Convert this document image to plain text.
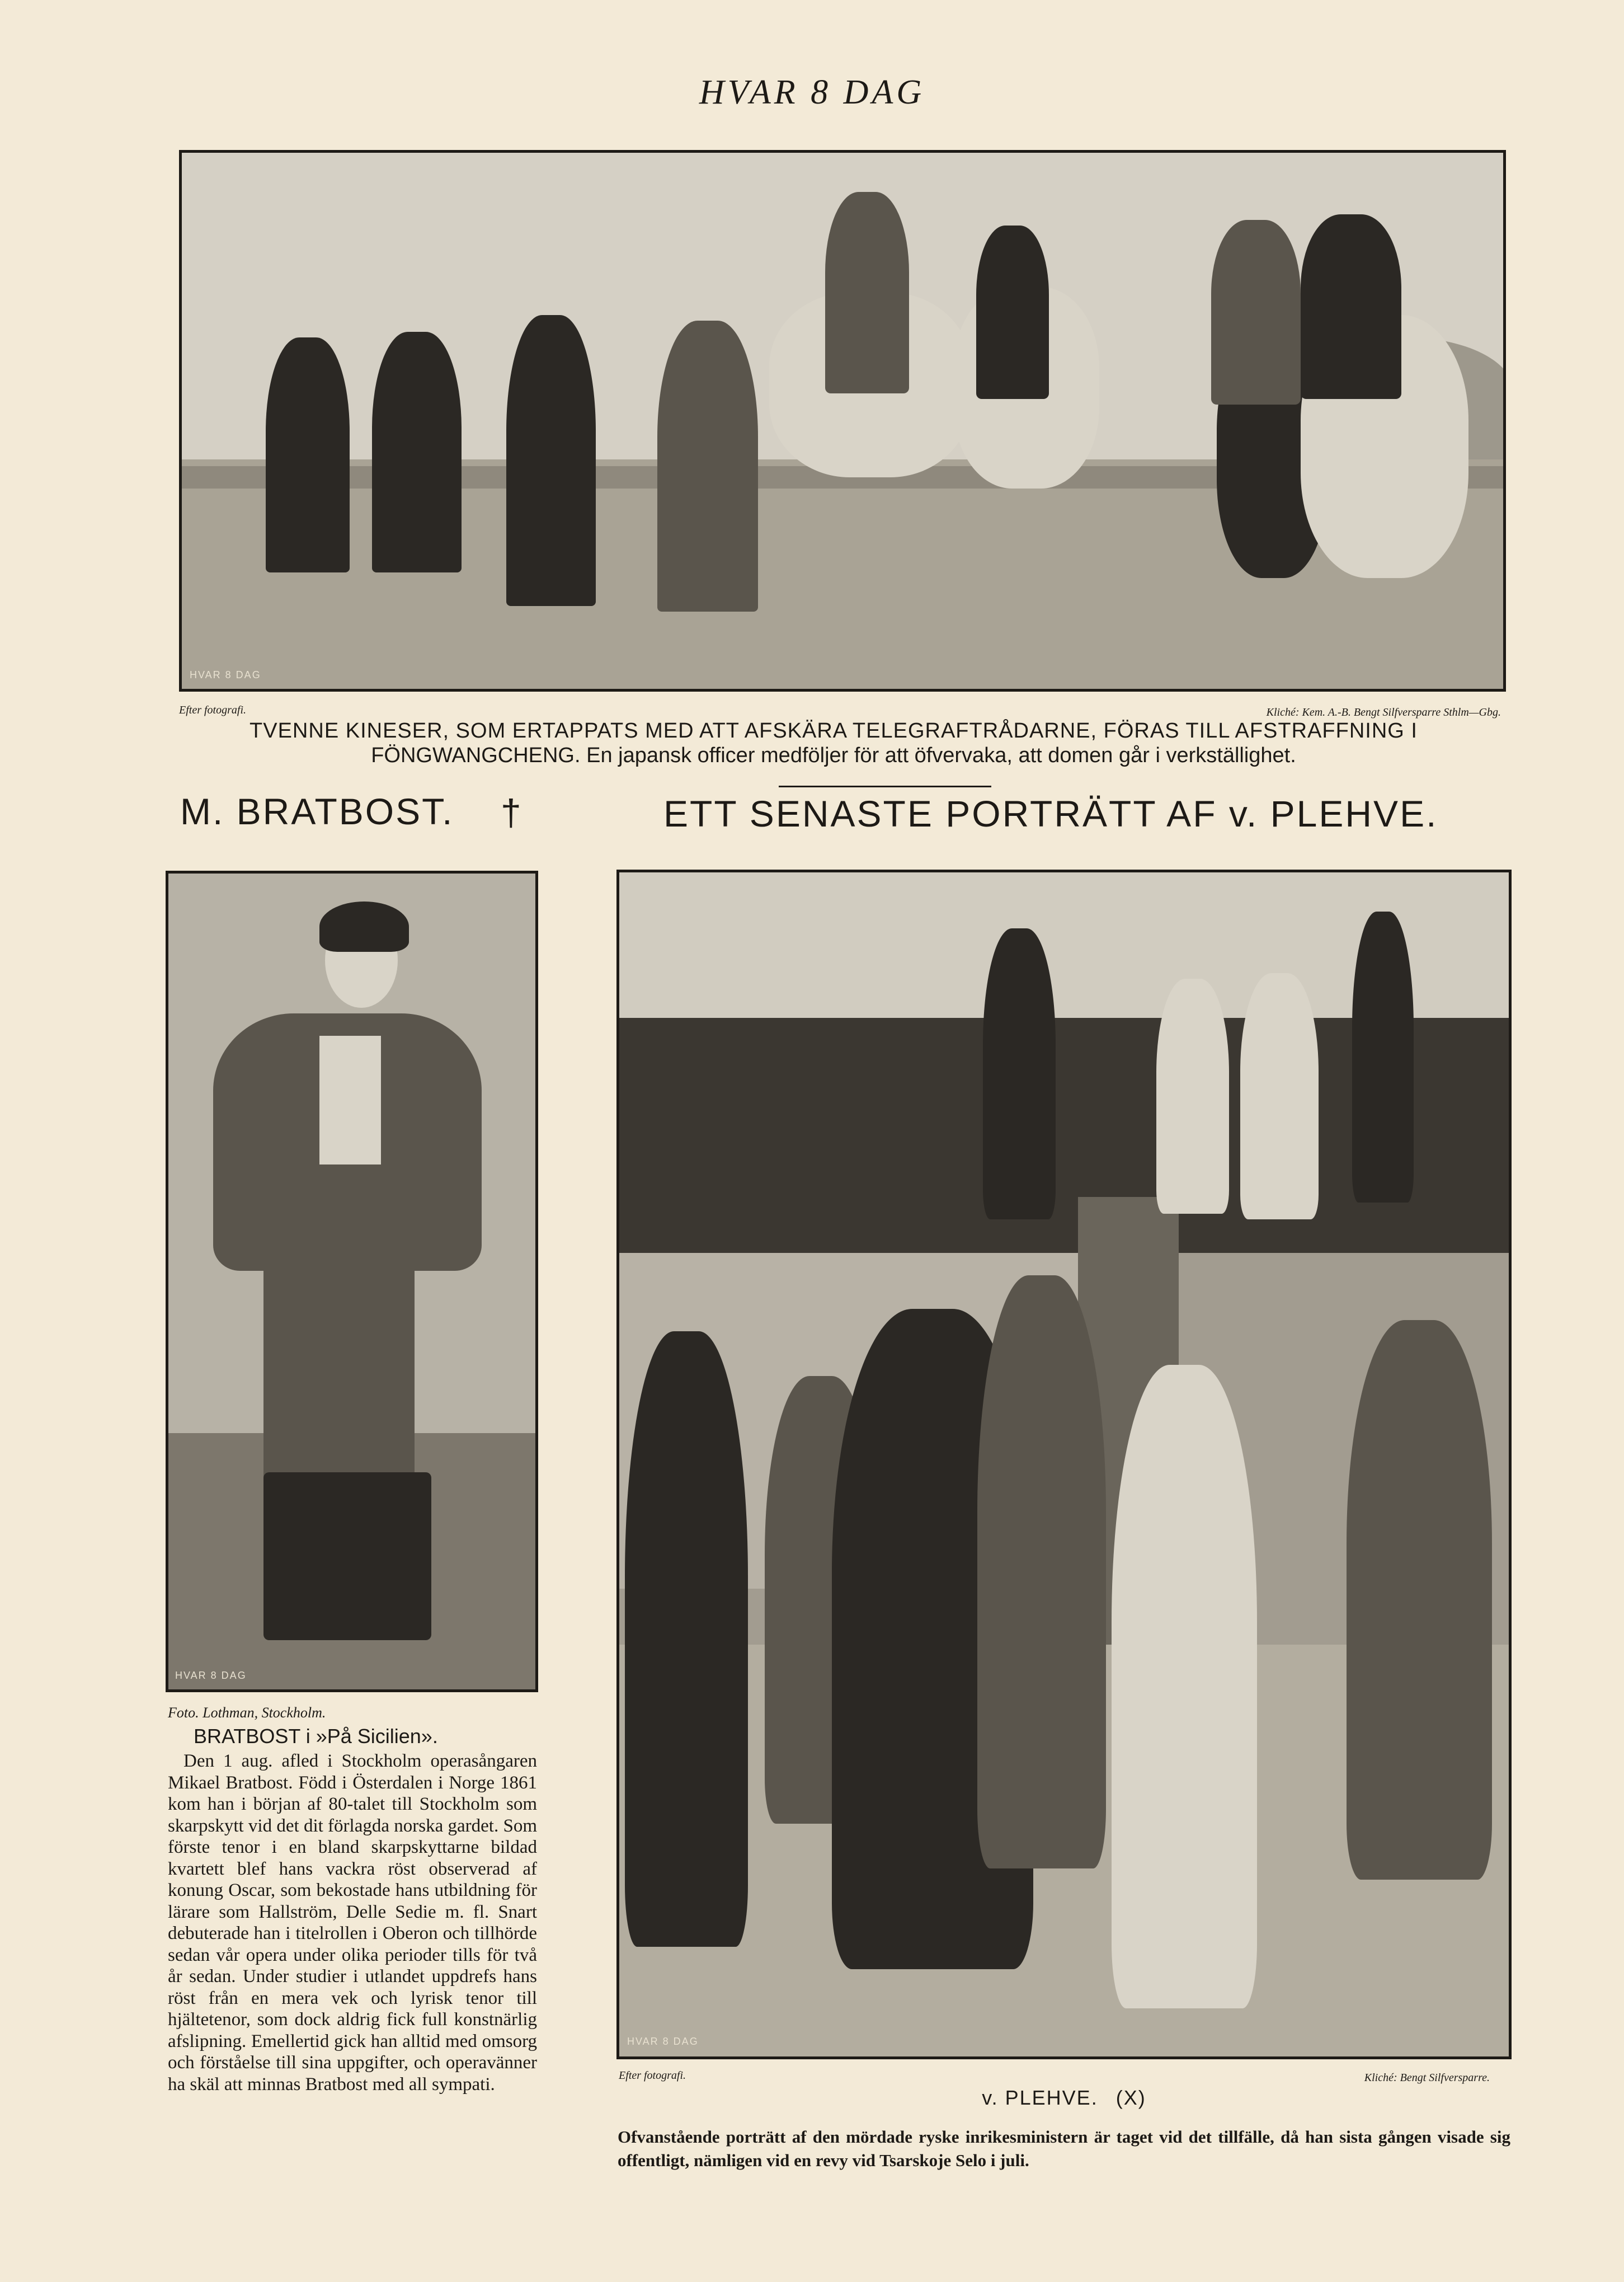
HVAR 8 DAG
HVAR 8 DAG
Efter fotografi.	Kliché: Kem. A.-B. Bengt Silfversparre Sthlm—Gbg.
TVENNE KINESER, SOM ERTAPPATS MED ATT AFSKÄRA TELEGRAFTRÅDARNE, FÖRAS TILL AFSTRAFFNING I
FÖNGWANGCHENG. En japansk officer medföljer för att öfvervaka, att domen går i verkställighet.
M. BRATBOST. †	ETT SENASTE PORTRÄTT AF v. PLEHVE.
HVAR 8 DAG
Foto. Lothman, Stockholm.
BRATBOST i »På Sicilien».

Den 1 aug. afled i Stockholm operasångaren Mikael Bratbost. Född i Österdalen i Norge 1861 kom han i början af 80-talet till Stockholm som skarpskytt vid det dit förlagda norska gardet. Som förste tenor i en bland skarpskyttarne bildad kvartett blef hans vackra röst observerad af konung Oscar, som bekostade hans utbildning för lärare som Hallström, Delle Sedie m. fl. Snart debuterade han i titelrollen i Oberon och tillhörde sedan vår opera under olika perioder tills för två år sedan. Under studier i utlandet uppdrefs hans röst från en mera vek och lyrisk tenor till hjältetenor, som dock aldrig fick full konstnärlig afslipning. Emellertid gick han alltid med omsorg och förståelse till sina uppgifter, och operavänner ha skäl att minnas Bratbost med all sympati.

HVAR 8 DAG
Efter fotografi.	Kliché: Bengt Silfversparre.
v. PLEHVE. (X)
Ofvanstående porträtt af den mördade ryske inrikesministern är taget vid det tillfälle, då han sista gången visade sig offentligt, nämligen vid en revy vid Tsarskoje Selo i juli.
